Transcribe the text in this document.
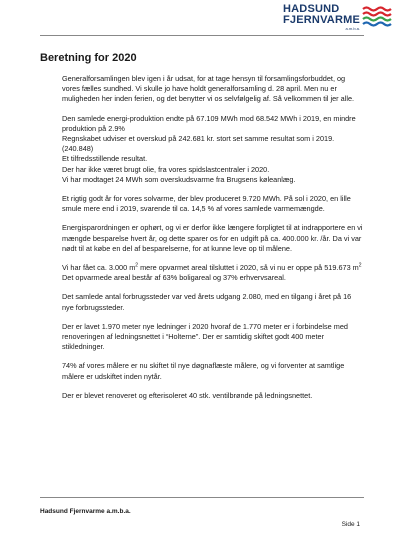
HADSUND
FJERNVARME
a.m.b.a.
Beretning for 2020

Generalforsamlingen blev igen i år udsat, for at tage hensyn til forsamlingsforbuddet, og vores fælles sundhed. Vi skulle jo have holdt generalforsamling d. 28 april. Men nu er muligheden her inden ferien, og det benytter vi os selvfølgelig af. Så velkommen til jer alle.

Den samlede energi-produktion endte på 67.109 MWh mod 68.542 MWh i 2019, en mindre produktion på 2.9%
Regnskabet udviser et overskud på 242.681 kr. stort set samme resultat som i 2019. (240.848)
Et tilfredsstillende resultat.
Der har ikke været brugt olie, fra vores spidslastcentraler i 2020.
Vi har modtaget 24 MWh som overskudsvarme fra Brugsens køleanlæg.

Et rigtig godt år for vores solvarme, der blev produceret 9.720 MWh. På sol i 2020, en lille smule mere end i 2019, svarende til ca. 14,5 % af vores samlede varmemængde.

Energisparordningen er ophørt, og vi er derfor ikke længere forpligtet til at indrapportere en vi mængde besparelse hvert år, og dette sparer os for en udgift på ca. 400.000 kr. /år. Da vi var nødt til at købe en del af besparelserne, for at kunne leve op til målene.

Vi har fået ca. 3.000 $m^2$ mere opvarmet areal tilsluttet i 2020, så vi nu er oppe på 519.673 $m^2$ Det opvarmede areal består af 63% boligareal og 37% erhvervsareal.

Det samlede antal forbrugssteder var ved årets udgang 2.080, med en tilgang i året på 16 nye forbrugssteder.

Der er lavet 1.970 meter nye ledninger i 2020 hvoraf de 1.770 meter er i forbindelse med renoveringen af ledningsnettet i “Holterne”. Der er samtidig skiftet godt 400 meter stikledninger.

74% af vores målere er nu skiftet til nye døgnaflæste målere, og vi forventer at samtlige målere er udskiftet inden nytår.

Der er blevet renoveret og efterisoleret 40 stk. ventilbrønde på ledningsnettet.

Hadsund Fjernvarme a.m.b.a.
Side 1
